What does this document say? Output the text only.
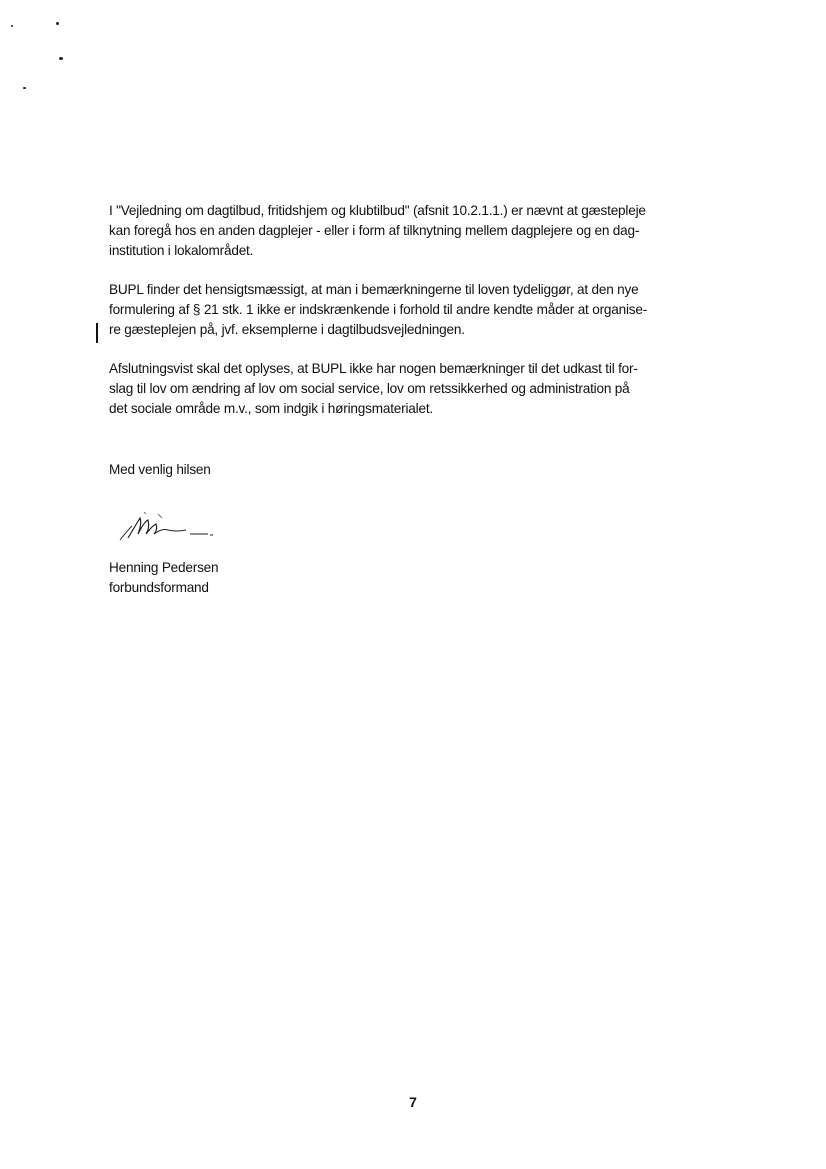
I "Vejledning om dagtilbud, fritidshjem og klubtilbud" (afsnit 10.2.1.1.) er nævnt at gæstepleje
kan foregå hos en anden dagplejer - eller i form af tilknytning mellem dagplejere og en dag-
institution i lokalområdet.

BUPL finder det hensigtsmæssigt, at man i bemærkningerne til loven tydeliggør, at den nye
formulering af § 21 stk. 1 ikke er indskrænkende i forhold til andre kendte måder at organise-
re gæsteplejen på, jvf. eksemplerne i dagtilbudsvejledningen.

Afslutningsvist skal det oplyses, at BUPL ikke har nogen bemærkninger til det udkast til for-
slag til lov om ændring af lov om social service, lov om retssikkerhed og administration på
det sociale område m.v., som indgik i høringsmaterialet.

Med venlig hilsen
Henning Pedersen
forbundsformand
7
